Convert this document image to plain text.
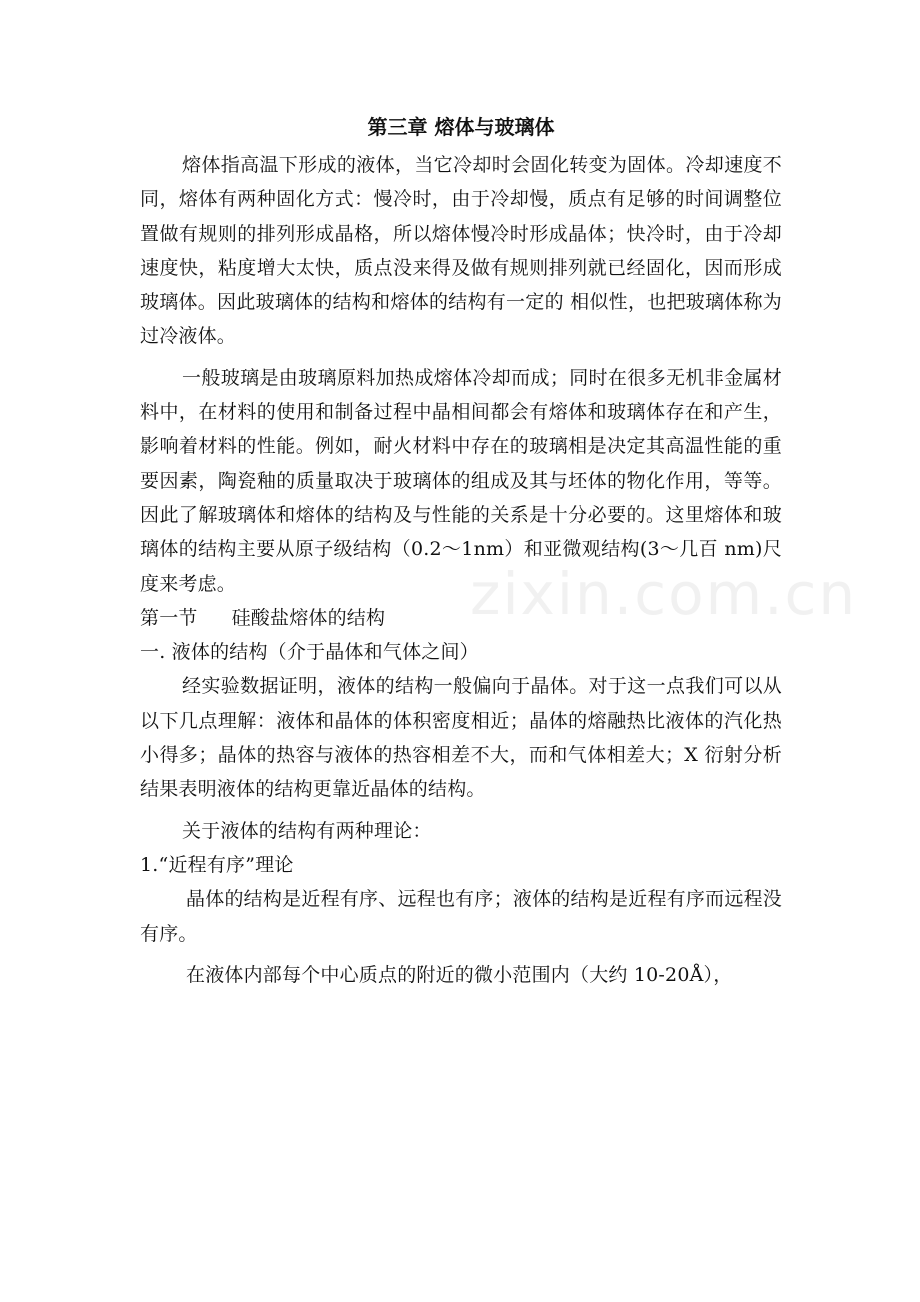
第三章 熔体与玻璃体

熔体指高温下形成的液体，当它冷却时会固化转变为固体。冷却速度不同，熔体有两种固化方式：慢冷时，由于冷却慢，质点有足够的时间调整位置做有规则的排列形成晶格，所以熔体慢冷时形成晶体；快冷时，由于冷却速度快，粘度增大太快，质点没来得及做有规则排列就已经固化，因而形成玻璃体。因此玻璃体的结构和熔体的结构有一定的 相似性，也把玻璃体称为过冷液体。

一般玻璃是由玻璃原料加热成熔体冷却而成；同时在很多无机非金属材料中，在材料的使用和制备过程中晶相间都会有熔体和玻璃体存在和产生，影响着材料的性能。例如，耐火材料中存在的玻璃相是决定其高温性能的重要因素，陶瓷釉的质量取决于玻璃体的组成及其与坯体的物化作用，等等。因此了解玻璃体和熔体的结构及与性能的关系是十分必要的。这里熔体和玻璃体的结构主要从原子级结构（0.2～1nm）和亚微观结构(3～几百 nm)尺度来考虑。

第一节 硅酸盐熔体的结构
一. 液体的结构（介于晶体和气体之间）

经实验数据证明，液体的结构一般偏向于晶体。对于这一点我们可以从以下几点理解：液体和晶体的体积密度相近；晶体的熔融热比液体的汽化热小得多；晶体的热容与液体的热容相差不大，而和气体相差大；X 衍射分析结果表明液体的结构更靠近晶体的结构。

关于液体的结构有两种理论：

1.“近程有序”理论

晶体的结构是近程有序、远程也有序；液体的结构是近程有序而远程没有序。

在液体内部每个中心质点的附近的微小范围内（大约 10-20Å），

zixin.com.cn
